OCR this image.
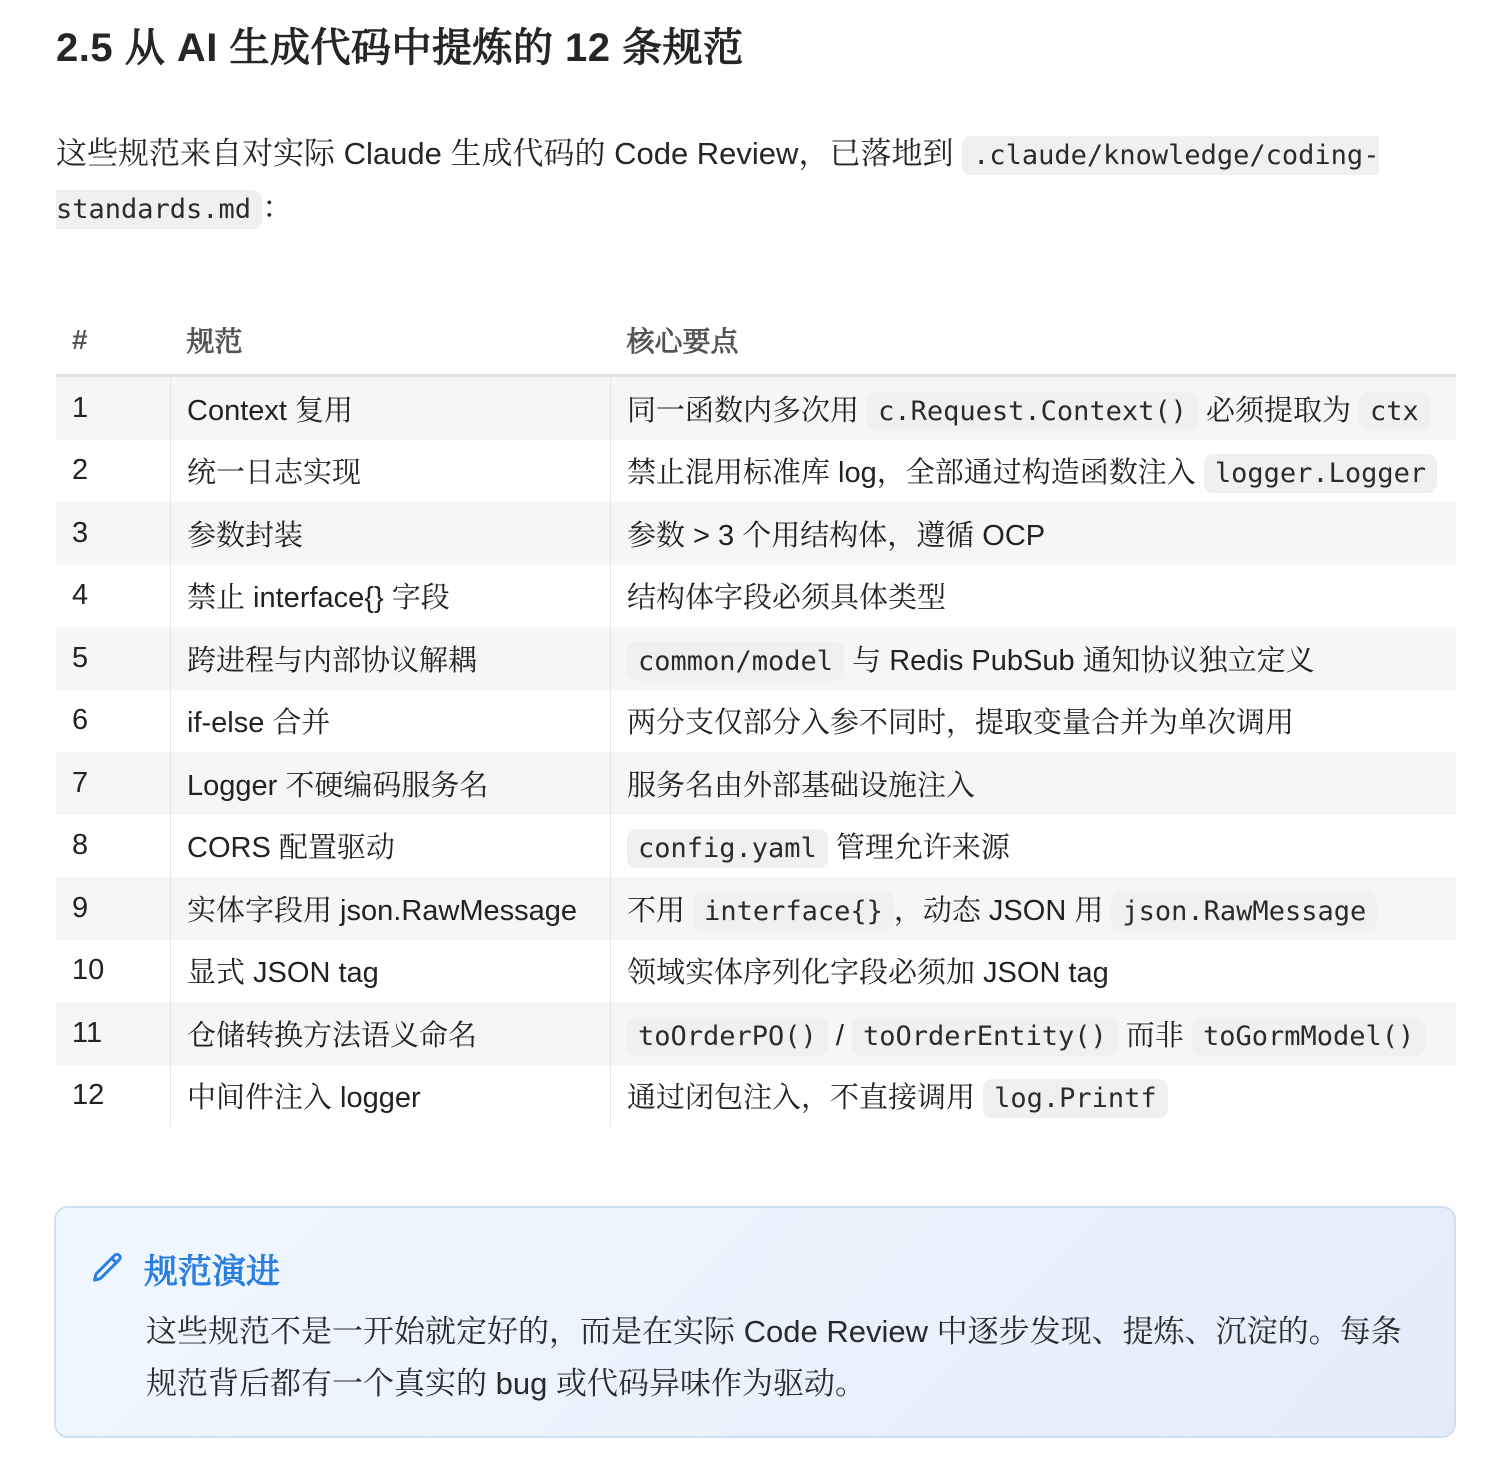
2.5 从 AI 生成代码中提炼的 12 条规范

这些规范来自对实际 Claude 生成代码的 Code Review，已落地到 .claude/knowledge/coding-standards.md ：

#	规范	核心要点
1	Context 复用	同一函数内多次用 c.Request.Context() 必须提取为 ctx
2	统一日志实现	禁止混用标准库 log，全部通过构造函数注入 logger.Logger
3	参数封装	参数 > 3 个用结构体，遵循 OCP
4	禁止 interface{} 字段	结构体字段必须具体类型
5	跨进程与内部协议解耦	common/model 与 Redis PubSub 通知协议独立定义
6	if-else 合并	两分支仅部分入参不同时，提取变量合并为单次调用
7	Logger 不硬编码服务名	服务名由外部基础设施注入
8	CORS 配置驱动	config.yaml 管理允许来源
9	实体字段用 json.RawMessage	不用 interface{} ，动态 JSON 用 json.RawMessage
10	显式 JSON tag	领域实体序列化字段必须加 JSON tag
11	仓储转换方法语义命名	toOrderPO() / toOrderEntity() 而非 toGormModel()
12	中间件注入 logger	通过闭包注入，不直接调用 log.Printf
规范演进
这些规范不是一开始就定好的，而是在实际 Code Review 中逐步发现、提炼、沉淀的。每条规范背后都有一个真实的 bug 或代码异味作为驱动。
